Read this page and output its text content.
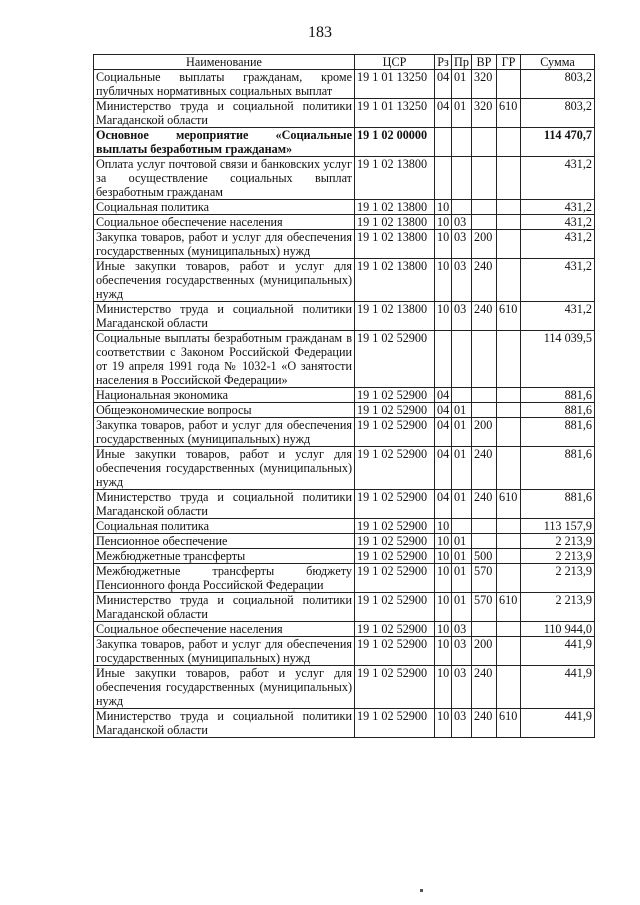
183
Наименование	ЦСР	Рз	Пр	ВР	ГР	Сумма
Социальные выплаты гражданам, кроме публичных нормативных социальных выплат	19 1 01 13250	04	01	320		803,2
Министерство труда и социальной политики Магаданской области	19 1 01 13250	04	01	320	610	803,2
Основное мероприятие «Социальные выплаты безработным гражданам»	19 1 02 00000					114 470,7
Оплата услуг почтовой связи и банковских услуг за осуществление социальных выплат безработным гражданам	19 1 02 13800					431,2
Социальная политика	19 1 02 13800	10				431,2
Социальное обеспечение населения	19 1 02 13800	10	03			431,2
Закупка товаров, работ и услуг для обеспечения государственных (муниципальных) нужд	19 1 02 13800	10	03	200		431,2
Иные закупки товаров, работ и услуг для обеспечения государственных (муниципальных) нужд	19 1 02 13800	10	03	240		431,2
Министерство труда и социальной политики Магаданской области	19 1 02 13800	10	03	240	610	431,2
Социальные выплаты безработным гражданам в соответствии с Законом Российской Федерации от 19 апреля 1991 года № 1032-1 «О занятости населения в Российской Федерации»	19 1 02 52900					114 039,5
Национальная экономика	19 1 02 52900	04				881,6
Общеэкономические вопросы	19 1 02 52900	04	01			881,6
Закупка товаров, работ и услуг для обеспечения государственных (муниципальных) нужд	19 1 02 52900	04	01	200		881,6
Иные закупки товаров, работ и услуг для обеспечения государственных (муниципальных) нужд	19 1 02 52900	04	01	240		881,6
Министерство труда и социальной политики Магаданской области	19 1 02 52900	04	01	240	610	881,6
Социальная политика	19 1 02 52900	10				113 157,9
Пенсионное обеспечение	19 1 02 52900	10	01			2 213,9
Межбюджетные трансферты	19 1 02 52900	10	01	500		2 213,9
Межбюджетные трансферты бюджету Пенсионного фонда Российской Федерации	19 1 02 52900	10	01	570		2 213,9
Министерство труда и социальной политики Магаданской области	19 1 02 52900	10	01	570	610	2 213,9
Социальное обеспечение населения	19 1 02 52900	10	03			110 944,0
Закупка товаров, работ и услуг для обеспечения государственных (муниципальных) нужд	19 1 02 52900	10	03	200		441,9
Иные закупки товаров, работ и услуг для обеспечения государственных (муниципальных) нужд	19 1 02 52900	10	03	240		441,9
Министерство труда и социальной политики Магаданской области	19 1 02 52900	10	03	240	610	441,9
